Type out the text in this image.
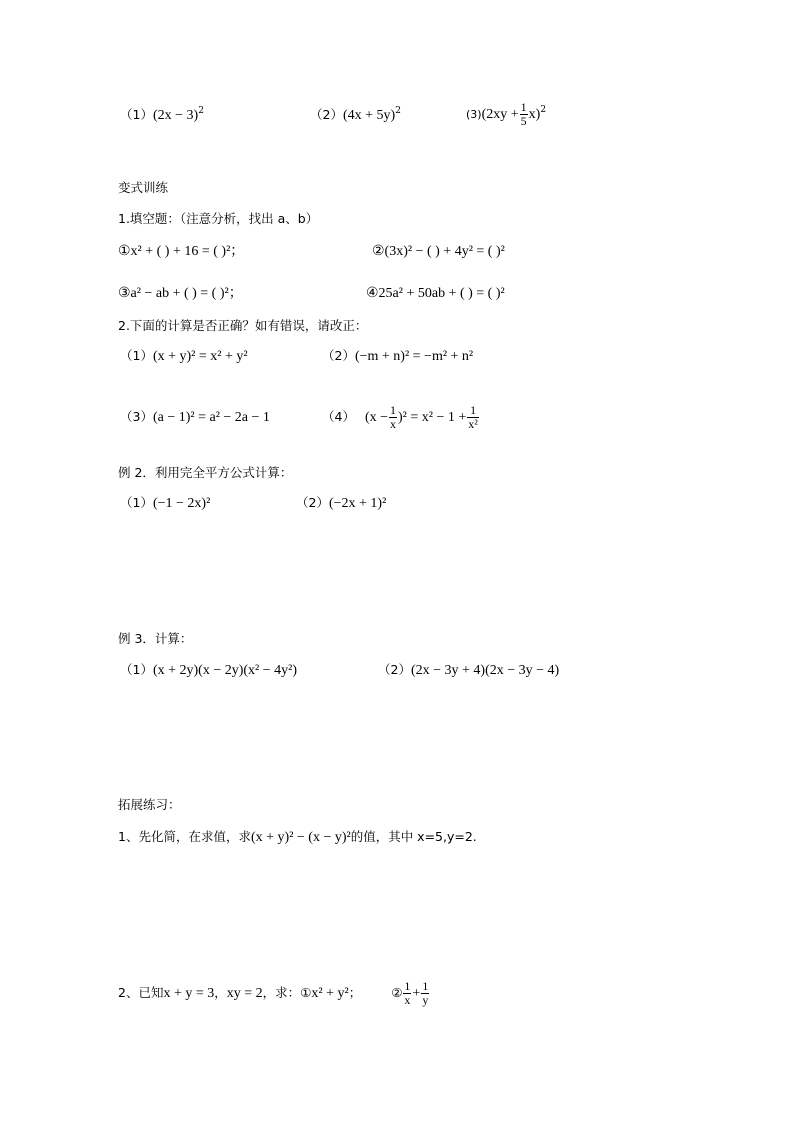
$(1)(2x - 3)^2$	$(2)(4x + 5y)^2$	$(3)(2xy + \frac{1}{5} x)^2$
变式训练
1.填空题：（注意分析，找出 a、b）
①x² + ( ) + 16 = ( )²；	②(3x)² − ( ) + 4y² = ( )²
③a² − ab + ( ) = ( )²；	④25a² + 50ab + ( ) = ( )²
2.下面的计算是否正确？如有错误，请改正：
（1）(x + y)² = x² + y²	（2）(−m + n)² = −m² + n²
（3）(a − 1)² = a² − 2a − 1	（4） $(x - \frac{1}{x} )^2 = x^2 - 1 + \frac{1}{\text{x²}}$
例 2．利用完全平方公式计算：
（1）(−1 − 2x)²	（2）(−2x + 1)²
例 3．计算：
（1）(x + 2y)(x − 2y)(x² − 4y²)	（2）(2x − 3y + 4)(2x − 3y − 4)
拓展练习：
1、先化简，在求值，求(x + y)² − (x − y)²的值，其中 x=5,y=2.
2、已知x + y = 3，xy = 2，求：①x² + y²； ② $\frac{1}{x} + \frac{1}{y}$
